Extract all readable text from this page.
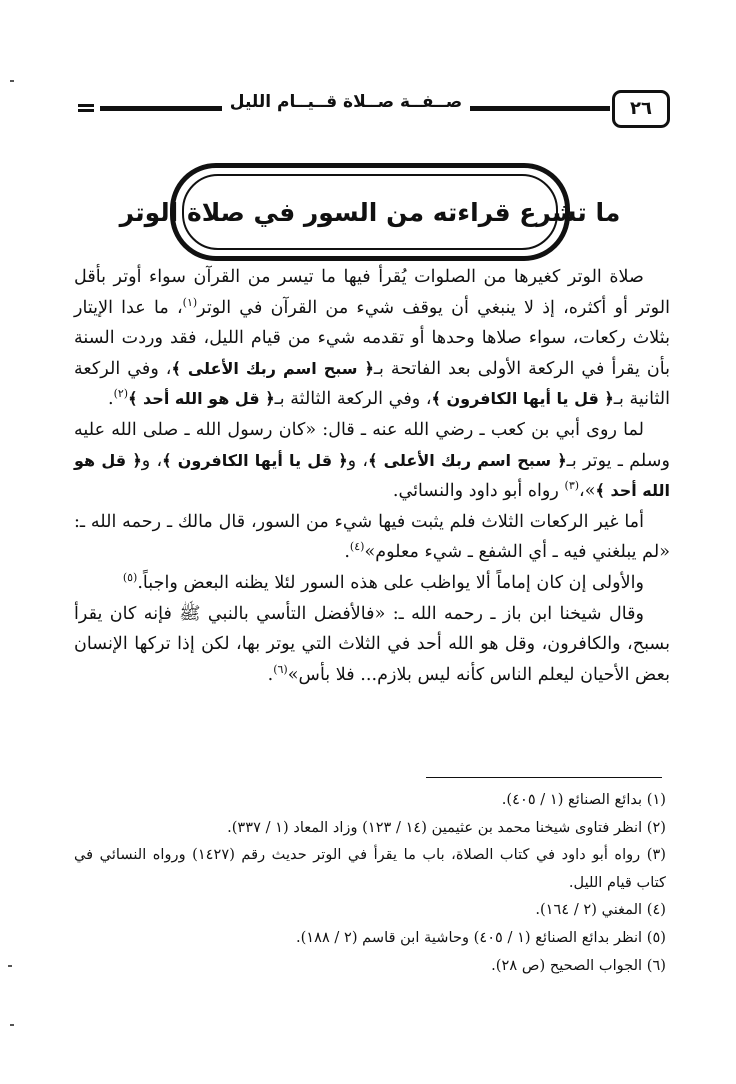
صــفــة صــلاة قــيــام الليل	٢٦
ما تشرع قراءته من السور في صلاة الوتر

صلاة الوتر كغيرها من الصلوات يُقرأ فيها ما تيسر من القرآن سواء أوتر بأقل الوتر أو أكثره، إذ لا ينبغي أن يوقف شيء من القرآن في الوتر$^{(١)}$، ما عدا الإيتار بثلاث ركعات، سواء صلاها وحدها أو تقدمه شيء من قيام الليل، فقد وردت السنة بأن يقرأ في الركعة الأولى بعد الفاتحة بـ﴿ سبح اسم ربك الأعلى ﴾، وفي الركعة الثانية بـ﴿ قل يا أيها الكافرون ﴾، وفي الركعة الثالثة بـ﴿ قل هو الله أحد ﴾$^{(٢)}$.

لما روى أبي بن كعب ـ رضي الله عنه ـ قال: «كان رسول الله ـ صلى الله عليه وسلم ـ يوتر بـ﴿ سبح اسم ربك الأعلى ﴾، و﴿ قل يا أيها الكافرون ﴾، و﴿ قل هو الله أحد ﴾»،$^{(٣)}$ رواه أبو داود والنسائي.

أما غير الركعات الثلاث فلم يثبت فيها شيء من السور، قال مالك ـ رحمه الله ـ: «لم يبلغني فيه ـ أي الشفع ـ شيء معلوم»$^{(٤)}$.

والأولى إن كان إماماً ألا يواظب على هذه السور لئلا يظنه البعض واجباً.$^{(٥)}$

وقال شيخنا ابن باز ـ رحمه الله ـ: «فالأفضل التأسي بالنبي ﷺ فإنه كان يقرأ بسبح، والكافرون، وقل هو الله أحد في الثلاث التي يوتر بها، لكن إذا تركها الإنسان بعض الأحيان ليعلم الناس كأنه ليس بلازم... فلا بأس»$^{(٦)}$.

(١) بدائع الصنائع (١ / ٤٠٥).
(٢) انظر فتاوى شيخنا محمد بن عثيمين (١٤ / ١٢٣) وزاد المعاد (١ / ٣٣٧).
(٣) رواه أبو داود في كتاب الصلاة، باب ما يقرأ في الوتر حديث رقم (١٤٢٧) ورواه النسائي في كتاب قيام الليل.
(٤) المغني (٢ / ١٦٤).
(٥) انظر بدائع الصنائع (١ / ٤٠٥) وحاشية ابن قاسم (٢ / ١٨٨).
(٦) الجواب الصحيح (ص ٢٨).
